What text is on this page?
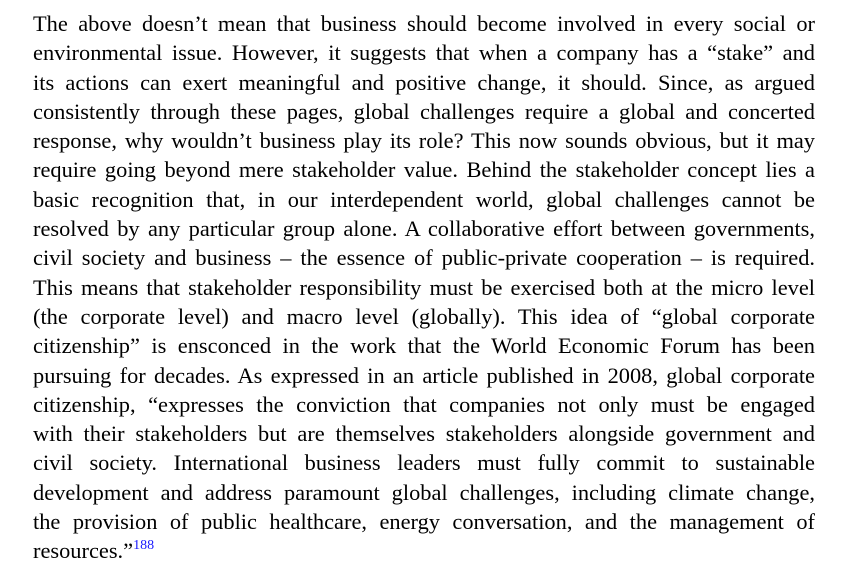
The above doesn’t mean that business should become involved in every social or
environmental issue. However, it suggests that when a company has a “stake” and
its actions can exert meaningful and positive change, it should. Since, as argued
consistently through these pages, global challenges require a global and concerted
response, why wouldn’t business play its role? This now sounds obvious, but it may
require going beyond mere stakeholder value. Behind the stakeholder concept lies a
basic recognition that, in our interdependent world, global challenges cannot be
resolved by any particular group alone. A collaborative effort between governments,
civil society and business – the essence of public-private cooperation – is required.
This means that stakeholder responsibility must be exercised both at the micro level
(the corporate level) and macro level (globally). This idea of “global corporate
citizenship” is ensconced in the work that the World Economic Forum has been
pursuing for decades. As expressed in an article published in 2008, global corporate
citizenship, “expresses the conviction that companies not only must be engaged
with their stakeholders but are themselves stakeholders alongside government and
civil society. International business leaders must fully commit to sustainable
development and address paramount global challenges, including climate change,
the provision of public healthcare, energy conversation, and the management of
resources.”$^{188}$
